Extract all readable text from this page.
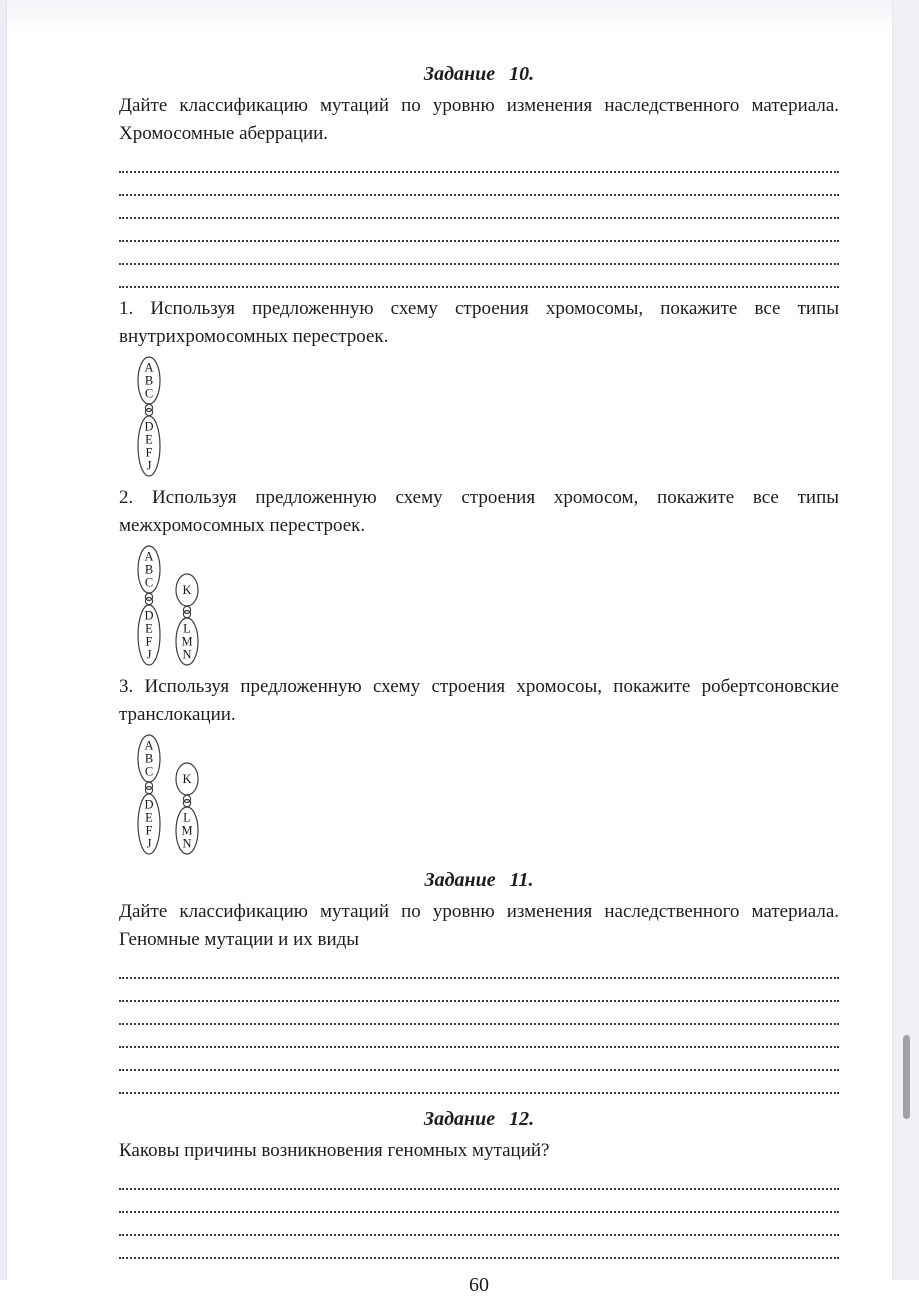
Задание 10.

Дайте классификацию мутаций по уровню изменения наследственного материала. Хромосомные аберрации.

1. Используя предложенную схему строения хромосомы, покажите все типы внутрихромосомных перестроек.

A
B
C
D
E
F
J

2. Используя предложенную схему строения хромосом, покажите все типы межхромосомных перестроек.

A
B
C
D
E
F
J
K
L
M
N

3. Используя предложенную схему строения хромосоы, покажите робертсоновские транслокации.

A
B
C
D
E
F
J
K
L
M
N
Задание 11.

Дайте классификацию мутаций по уровню изменения наследственного материала. Геномные мутации и их виды

Задание 12.

Каковы причины возникновения геномных мутаций?

60
